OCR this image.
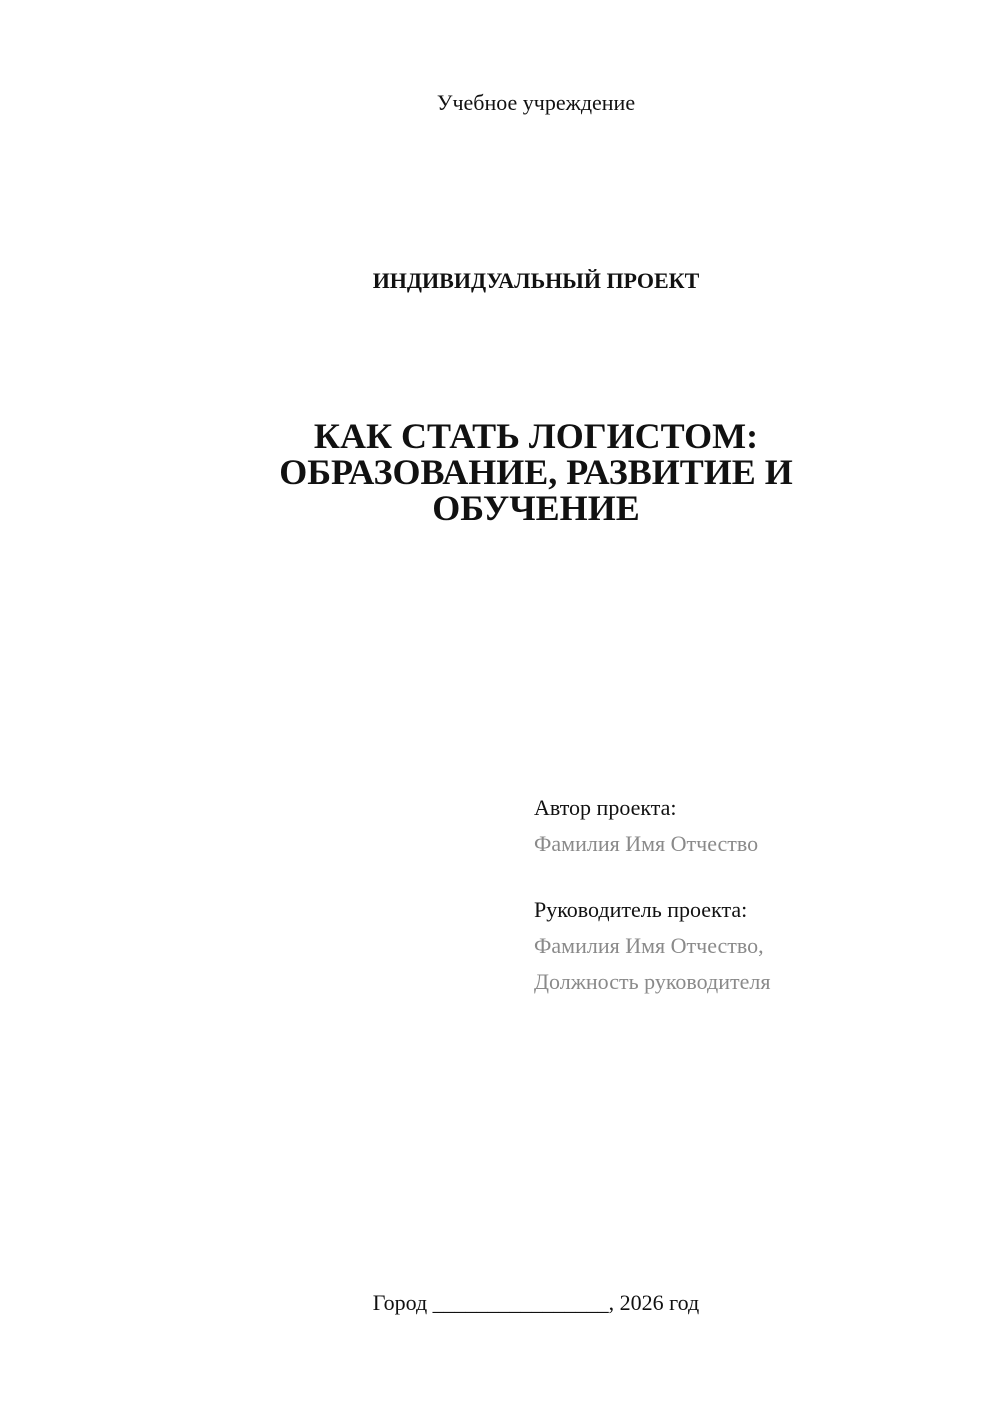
Учебное учреждение
ИНДИВИДУАЛЬНЫЙ ПРОЕКТ
КАК СТАТЬ ЛОГИСТОМ:
ОБРАЗОВАНИЕ, РАЗВИТИЕ И
ОБУЧЕНИЕ
Автор проекта:
Фамилия Имя Отчество
Руководитель проекта:
Фамилия Имя Отчество,
Должность руководителя
Город ________________, 2026 год
